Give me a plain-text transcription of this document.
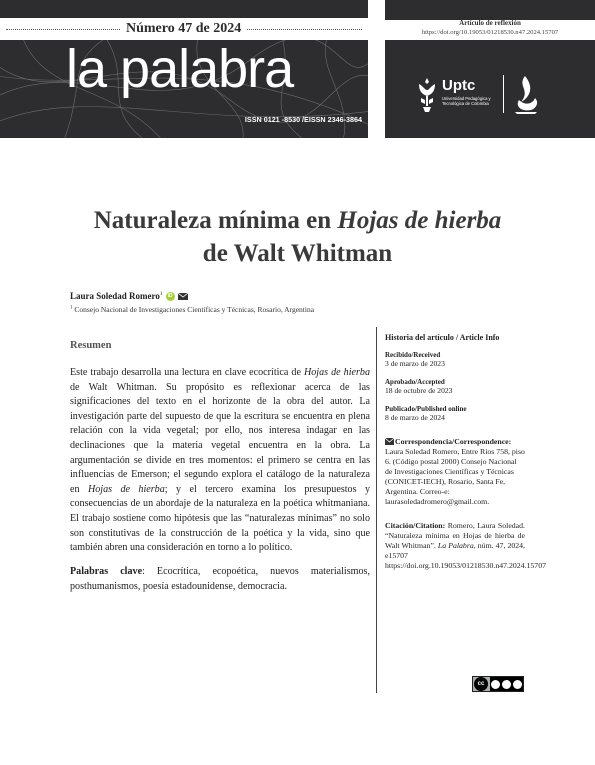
Número 47 de 2024
la palabra
ISSN 0121 -8530 /EISSN 2346-3864
Artículo de reflexión
https://doi.org/10.19053/01218530.n47.2024.15707
Uptc
Universidad Pedagógica y Tecnológica de Colombia
Naturaleza mínima en Hojas de hierba
de Walt Whitman
Laura Soledad Romero$^1$	iD
$^1$ Consejo Nacional de Investigaciones Científicas y Técnicas, Rosario, Argentina
Resumen

Este trabajo desarrolla una lectura en clave ecocrítica de Hojas de hierba de Walt Whitman. Su propósito es reflexionar acerca de las significaciones del texto en el horizonte de la obra del autor. La investigación parte del supuesto de que la escritura se encuentra en plena relación con la vida vegetal; por ello, nos interesa indagar en las declinaciones que la materia vegetal encuentra en la obra. La argumentación se divide en tres momentos: el primero se centra en las influencias de Emerson; el segundo explora el catálogo de la naturaleza en Hojas de hierba; y el tercero examina los presupuestos y consecuencias de un abordaje de la naturaleza en la poética whitmaniana. El trabajo sostiene como hipótesis que las “naturalezas mínimas” no solo son constitutivas de la construcción de la poética y la vida, sino que también abren una consideración en torno a lo político.

Palabras clave: Ecocrítica, ecopoética, nuevos materialismos, posthumanismos, poesía estadounidense, democracia.

Historia del artículo / Article Info
Recibido/Received
3 de marzo de 2023
Aprobado/Accepted
18 de octubre de 2023
Publicado/Published online
8 de marzo de 2024
Correspondencia/Correspondence:
Laura Soledad Romero, Entre Ríos 758, piso 6. (Código postal 2000) Consejo Nacional de Investigaciones Científicas y Técnicas (CONICET-IECH), Rosario, Santa Fe, Argentina. Correo-e: laurasoledadromero@gmail.com.
Citación/Citation: Romero, Laura Soledad. “Naturaleza mínima en Hojas de hierba de Walt Whitman”. La Palabra, núm. 47, 2024, e15707 https://doi.org.10.19053/01218530.n47.2024.15707
cc
